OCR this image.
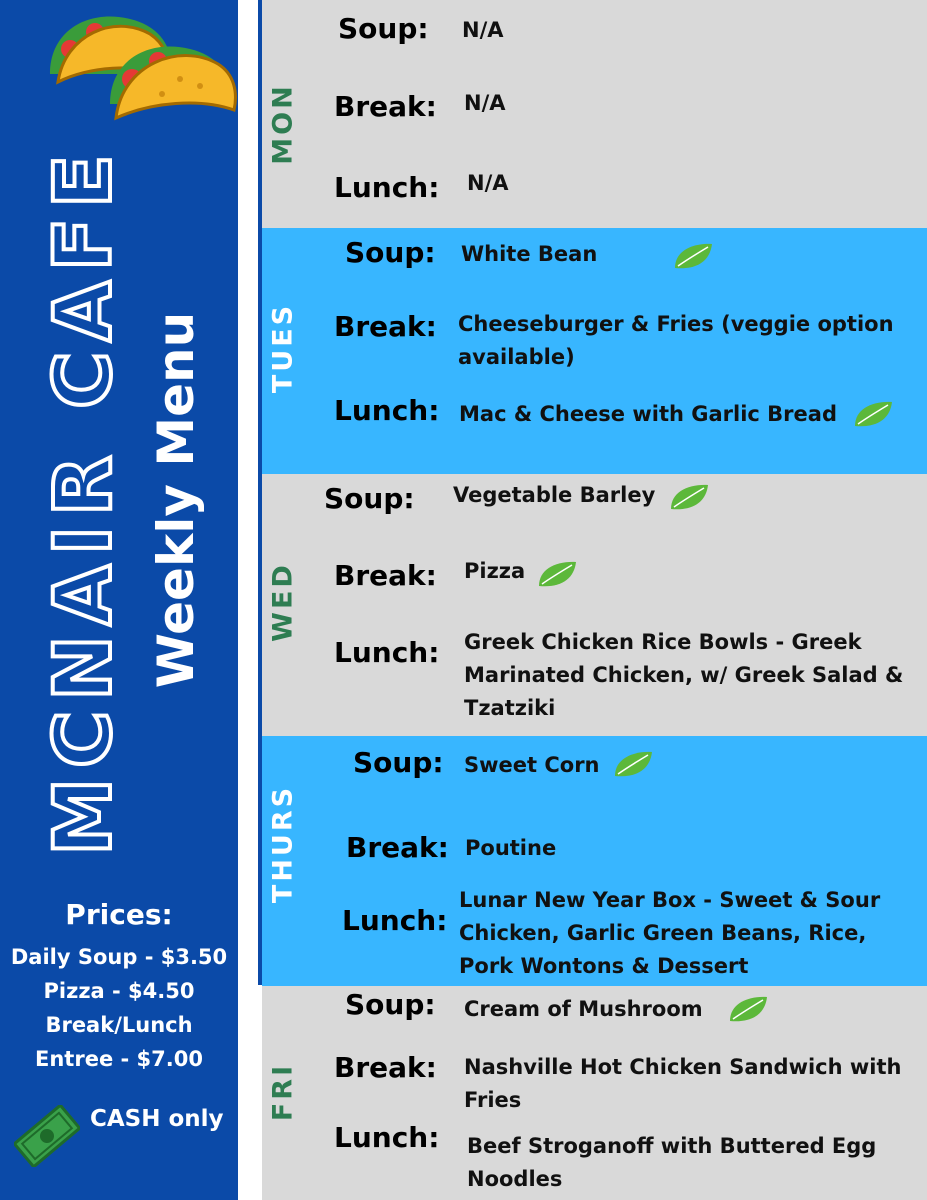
MCNAIR CAFE Weekly Menu
Prices:
Daily Soup - $3.50
Pizza - $4.50
Break/Lunch
Entree - $7.00
CASH only
MON
Soup: N/A
Break: N/A
Lunch: N/A
TUES
Soup: White Bean
Break: Cheeseburger & Fries (veggie option available)
Lunch: Mac & Cheese with Garlic Bread
WED
Soup: Vegetable Barley
Break: Pizza
Lunch: Greek Chicken Rice Bowls - Greek Marinated Chicken, w/ Greek Salad & Tzatziki
THURS
Soup: Sweet Corn
Break: Poutine
Lunch:
Lunar New Year Box - Sweet & Sour Chicken, Garlic Green Beans, Rice, Pork Wontons & Dessert
FRI
Soup: Cream of Mushroom
Break: Nashville Hot Chicken Sandwich with Fries
Lunch: Beef Stroganoff with Buttered Egg Noodles
